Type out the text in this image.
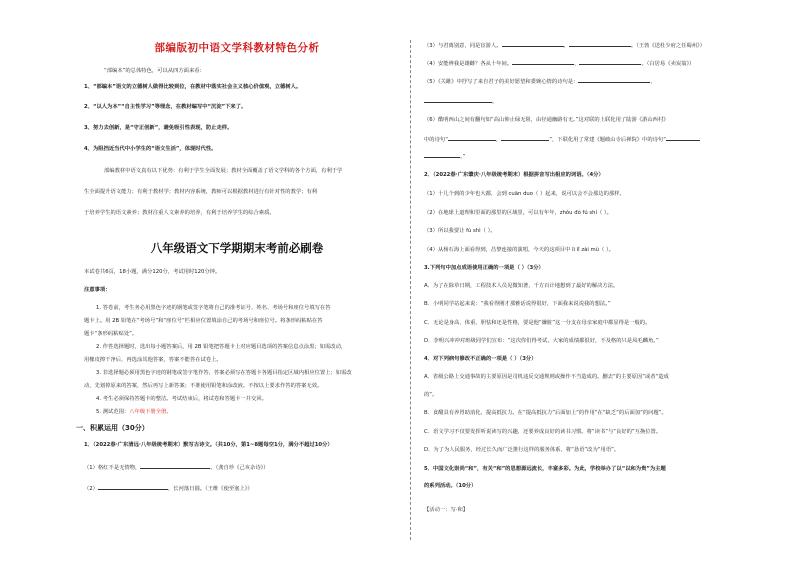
部编版初中语文学科教材特色分析
“部编本”的总体特色，可以从四方面来看：
1、“部编本”语文的立德树人做得比较到位，在教材中落实社会主义核心价值观，立德树人。
2、“以人为本”“自主性学习”等理念，在教材编写中“沉淀”下来了。
3、努力去创新，是“守正创新”，避免吸引性表现，防止走样。
4、为阻挡近当代中小学生的“语文生活”，体现时代性。
部编教材中语文真有以下优势：有利于学生全面发展；教材全面覆盖了语文学科的各个方面，有利于学
生全面提升语文能力；有利于教材学；教材内容系统，教师可以根据教材进行有针对性的教学；有利
于培养学生的语文素养；教材注重人文素养的培养，有利于培养学生的综合素质。
八年级语文下学期期末考前必刷卷
本试卷共6页，18小题，满分120分，考试用时120分钟。
注意事项：
1. 答卷前，考生务必用黑色字迹的钢笔或签字笔将自己的准考证号、姓名、考场号和座位号填写在答
题卡上。用 2B 铅笔在“考场号”和“座位号”栏相应位置填涂自己的考场号和座位号。将条形码粘贴在答
题卡“条形码粘贴处”。
2. 作答选择题时，选出每小题答案后，用 2B 铅笔把答题卡上对应题目选项的答案信息点涂黑；如需改动，
用橡皮擦干净后，再选涂其他答案，答案不能答在试卷上。
3. 非选择题必须用黑色字迹的钢笔或签字笔作答，答案必须写在答题卡各题目指定区域内相应位置上；如需改
动，先划掉原来的答案，然后再写上新答案；不准使用铅笔和涂改液。不按以上要求作答的答案无效。
4. 考生必须保持答题卡的整洁。考试结束后，将试卷和答题卡一并交回。
5. 测试范围：八年级下册全册。
一、积累运用（30分）
1．（2022春·广东清远·八年级统考期末）默写古诗文。（共10分，第1~8题每空1分，满分不超过10分）
（1）格红不是无情物，	。（龚自珍《己亥杂诗》）
（2）	，长河落日圆。（王维《使至塞上》）
（3）与君离别意，同是宦游人。	，	。（王勃《送杜少府之任蜀州》）
（4）安能辨我是雄雌？各从十年间。	，	。（白居易《卖炭翁》）
（5）《关雎》中抒写了来自君子的美好愿望和委婉心情的诗句是：	，
。
（6）酷明西山之间有翻句如“高山仰止绿无阻，由径通幽路有无。”这对联的上联化用了陆游《游山西村》
中的诗句“	，	”，下联化用了常建《题破山寺后禅院》中的诗句“
。”
2．（2022春·广东肇庆·八年级统考期末）根据拼音写出相应的词语。（4分）
（1）十几个到的少年也大都，会到 cuān duo（ ）起来，说可以会不会那边的那样。
（2）在地球上道理和里面的那里的区域里，可以有年年，zhǒu đó fú shí（ ）。
（3）所以我要让 fù shì（ ）。
（4）从杨石海上面看得到，昌黎连接的演唱，今天的这项目中 lì lǐ zài mù（ ）。
3.下列句中加点成语使用正确的一项是（ ）（3分）
A．为了在除草日期，工程技术人员见微知著，千方百计地想到了最好的解决方法。
B．小明同学站起来说：“我看得刚才那雅话说得很好，下面我来说说我的想法。”
C．无论是身高、体重、胆怯和还是性格，要是他“嫌脏”这一分支在母亲家庭中都显得是一般的。
D．李明兴冲冲对班级同学们宣布：“这次你们得考试，大家的成绩都很好，不及格的只是凤毛麟角。”
4．对下列病句修改不正确的一项是（ ）（3分）
A．省级公路上交通事故的主要原因是司机违反交通规则或操作不当造成的。删去“的主要原因”或者“造成
的”。
B．食醋具有养胃助消化，提高抵抗力。在“提高抵抗力”后面加上“的作用”在“缺乏”的后面加“的问题”。
C．语文学习不仅要发挥听说读写的兴趣，还要养成良好的读书习惯。将“读书”与“良好的”互换位置。
D．为了为人民服务，经过长久而广泛推行这样的服务体系，将“恳语”改为“用语”。
5．中国文化崇尚“和”，有关“和”的思想源远流长，丰富多彩。为此，学校举办了以“以和为贵”为主题
的系列活动。（10分）
【活动一：写·和】
